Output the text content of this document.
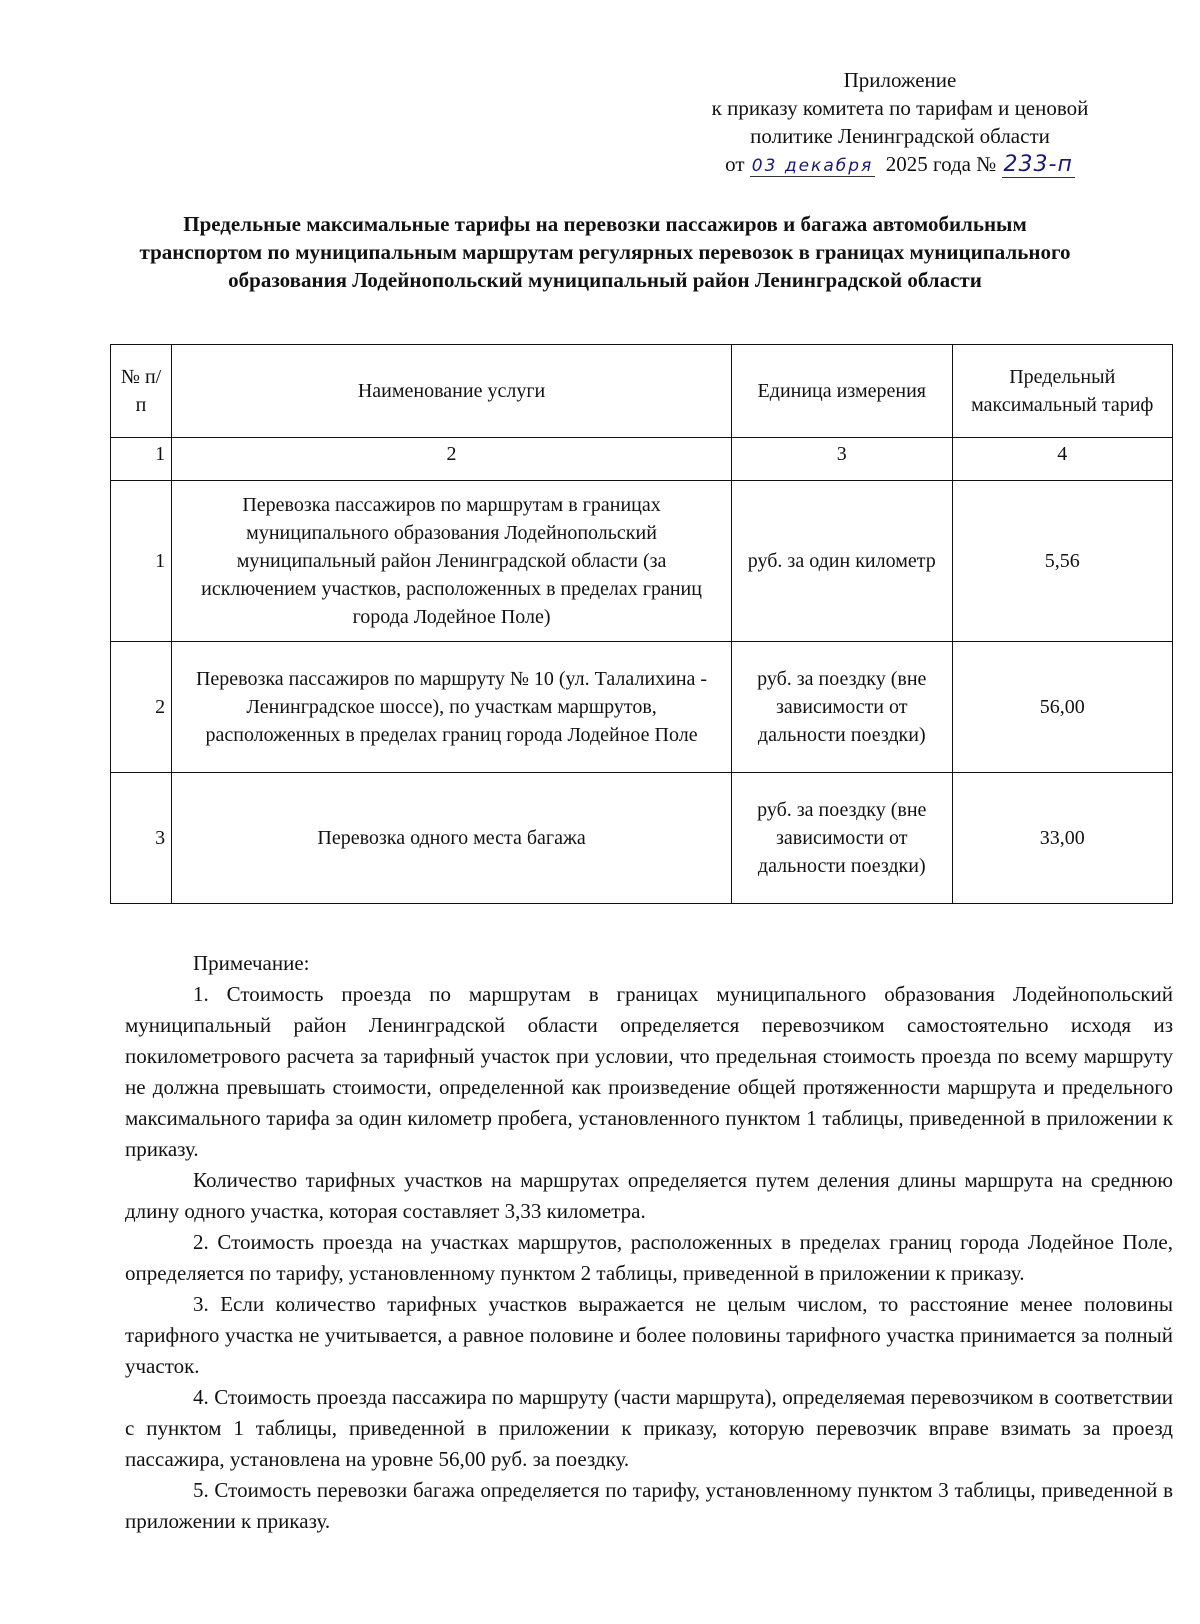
Приложение
к приказу комитета по тарифам и ценовой
политике Ленинградской области
от 03 декабря 2025 года № 233-п
Предельные максимальные тарифы на перевозки пассажиров и багажа автомобильным транспортом по муниципальным маршрутам регулярных перевозок в границах муниципального образования Лодейнопольский муниципальный район Ленинградской области
№ п/п	Наименование услуги	Единица измерения	Предельный максимальный тариф
1	2	3	4
1	Перевозка пассажиров по маршрутам в границах муниципального образования Лодейнопольский муниципальный район Ленинградской области (за исключением участков, расположенных в пределах границ города Лодейное Поле)	руб. за один километр	5,56
2	Перевозка пассажиров по маршруту № 10 (ул. Талалихина - Ленинградское шоссе), по участкам маршрутов, расположенных в пределах границ города Лодейное Поле	руб. за поездку (вне зависимости от дальности поездки)	56,00
3	Перевозка одного места багажа	руб. за поездку (вне зависимости от дальности поездки)	33,00

Примечание:

1. Стоимость проезда по маршрутам в границах муниципального образования Лодейнопольский муниципальный район Ленинградской области определяется перевозчиком самостоятельно исходя из покилометрового расчета за тарифный участок при условии, что предельная стоимость проезда по всему маршруту не должна превышать стоимости, определенной как произведение общей протяженности маршрута и предельного максимального тарифа за один километр пробега, установленного пунктом 1 таблицы, приведенной в приложении к приказу.

Количество тарифных участков на маршрутах определяется путем деления длины маршрута на среднюю длину одного участка, которая составляет 3,33 километра.

2. Стоимость проезда на участках маршрутов, расположенных в пределах границ города Лодейное Поле, определяется по тарифу, установленному пунктом 2 таблицы, приведенной в приложении к приказу.

3. Если количество тарифных участков выражается не целым числом, то расстояние менее половины тарифного участка не учитывается, а равное половине и более половины тарифного участка принимается за полный участок.

4. Стоимость проезда пассажира по маршруту (части маршрута), определяемая перевозчиком в соответствии с пунктом 1 таблицы, приведенной в приложении к приказу, которую перевозчик вправе взимать за проезд пассажира, установлена на уровне 56,00 руб. за поездку.

5. Стоимость перевозки багажа определяется по тарифу, установленному пунктом 3 таблицы, приведенной в приложении к приказу.
